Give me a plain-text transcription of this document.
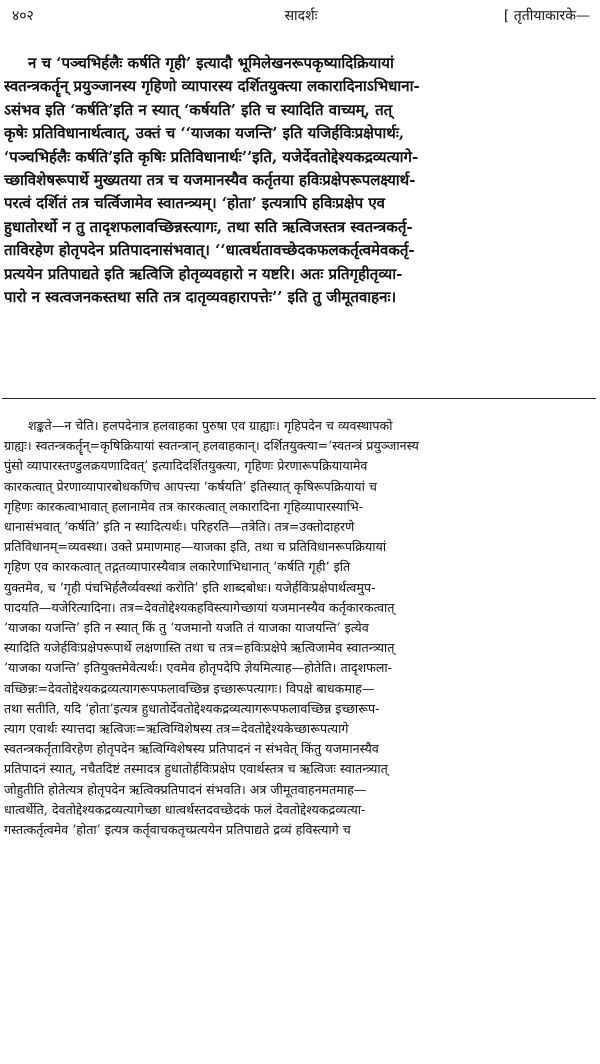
४०२	सादर्शः	[ तृतीयाकारके—

न च ‘पञ्चभिर्हलैः कर्षति गृही’ इत्यादौ भूमिलेखनरूपकृष्यादिक्रियायां

स्वतन्त्रकर्तॄन् प्रयुञ्जानस्य गृहिणो व्यापारस्य दर्शितयुक्त्या लकारादिनाऽभिधाना-

ऽसंभव इति ‘कर्षति’इति न स्यात् ‘कर्षयति’ इति च स्यादिति वाच्यम्, तत्

कृषेः प्रतिविधानार्थत्वात्, उक्तं च ‘‘याजका यजन्ति’ इति यजिर्हविःप्रक्षेपार्थः,

‘पञ्चभिर्हलैः कर्षति’इति कृषिः प्रतिविधानार्थः’’इति, यजेर्देवतोद्देश्यकद्रव्यत्यागे-

च्छाविशेषरूपार्थे मुख्यतया तत्र च यजमानस्यैव कर्तृतया हविःप्रक्षेपरूपलक्ष्यार्थ-

परत्वं दर्शितं तत्र चर्त्विजामेव स्वातन्त्र्यम्। ‘होता’ इत्यत्रापि हविःप्रक्षेप एव

हुधातोरर्थो न तु तादृशफलावच्छिन्नस्त्यागः, तथा सति ऋत्विजस्तत्र स्वतन्त्रकर्तृ-

ताविरहेण होतृपदेन प्रतिपादनासंभवात्। ‘‘धात्वर्थतावच्छेदकफलकर्तृत्वमेवकर्तृ-

प्रत्ययेन प्रतिपाद्यते इति ऋत्विजि होतृव्यवहारो न यष्टरि। अतः प्रतिगृहीतृव्या-

पारो न स्वत्वजनकस्तथा सति तत्र दातृव्यवहारापत्तेः’’ इति तु जीमूतवाहनः।

शङ्कते—न चेति। हलपदेनात्र हलवाहका पुरुषा एव ग्राह्याः। गृहिपदेन च व्यवस्थापको

ग्राह्यः। स्वतन्त्रकर्तॄन्=कृषिक्रियायां स्वतन्त्रान् हलवाहकान्। दर्शितयुक्त्या=‘स्वतन्त्रं प्रयुञ्जानस्य

पुंसो व्यापारस्तण्डुलक्रयणादिवत्’ इत्यादिदर्शितयुक्त्या, गृहिणः प्रेरणारूपक्रियायामेव

कारकत्वात् प्रेरणाव्यापारबोधकणिच आपत्त्या ‘कर्षयति’ इतिस्यात् कृषिरूपक्रियायां च

गृहिणः कारकत्वाभावात् हलानामेव तत्र कारकत्वात् लकारादिना गृहिव्यापारस्याभि-

धानासंभवात् ‘कर्षति’ इति न स्यादित्यर्थः। परिहरति—तत्रेति। तत्र=उक्तोदाहरणे

प्रतिविधानम्=व्यवस्था। उक्ते प्रमाणमाह—याजका इति, तथा च प्रतिविधानरूपक्रियायां

गृहिण एव कारकत्वात् तद्गतव्यापारस्यैवात्र लकारेणाभिधानात् ‘कर्षति गृही’ इति

युक्तमेव, च ‘गृही पंचभिर्हलैर्व्यवस्थां करोति’ इति शाब्दबोधः। यजेर्हविःप्रक्षेपार्थत्वमुप-

पादयति—यजेरित्यादिना। तत्र=देवतोद्देश्यकहविस्त्यागेच्छायां यजमानस्यैव कर्तृकारकत्वात्

‘याजका यजन्ति’ इति न स्यात् किं तु ‘यजमानो यजति तं याजका याजयन्ति’ इत्येव

स्यादिति यजेर्हविःप्रक्षेपरूपार्थे लक्षणास्ति तथा च तत्र=हविःप्रक्षेपे ऋत्विजामेव स्वातन्त्र्यात्

‘याजका यजन्ति’ इतियुक्तमेवेत्यर्थः। एवमेव होतृपदेपि ज्ञेयमित्याह—होतेति। तादृशफला-

वच्छिन्नः=देवतोद्देश्यकद्रव्यत्यागरूपफलावच्छिन्न इच्छारूपत्यागः। विपक्षे बाधकमाह—

तथा सतीति, यदि ‘होता’इत्यत्र हुधातोर्देवतोद्देश्यकद्रव्यत्यागरूपफलावच्छिन्न इच्छारूप-

त्याग एवार्थः स्यात्तदा ऋत्विजः=ऋत्विग्विशेषस्य तत्र=देवतोद्देश्यकेच्छारूपत्यागे

स्वतन्त्रकर्तृताविरहेण होतृपदेन ऋत्विग्विशेषस्य प्रतिपादनं न संभवेत् किंतु यजमानस्यैव

प्रतिपादनं स्यात्, नचैतदिष्टं तस्मादत्र हुधातोर्हविःप्रक्षेप एवार्थस्तत्र च ऋत्विजः स्वातन्त्र्यात्

जोहुतीति होतेत्यत्र होतृपदेन ऋत्विक्प्रतिपादनं संभवति। अत्र जीमूतवाहनमतमाह—

धात्वर्थेति, देवतोद्देश्यकद्रव्यत्यागेच्छा धात्वर्थस्तदवच्छेदकं फलं देवतोद्देश्यकद्रव्यत्या-

गस्तत्कर्तृत्वमेव ‘होता’ इत्यत्र कर्तृवाचकतृच्प्रत्ययेन प्रतिपाद्यते द्रव्यं हविस्त्यागे च
